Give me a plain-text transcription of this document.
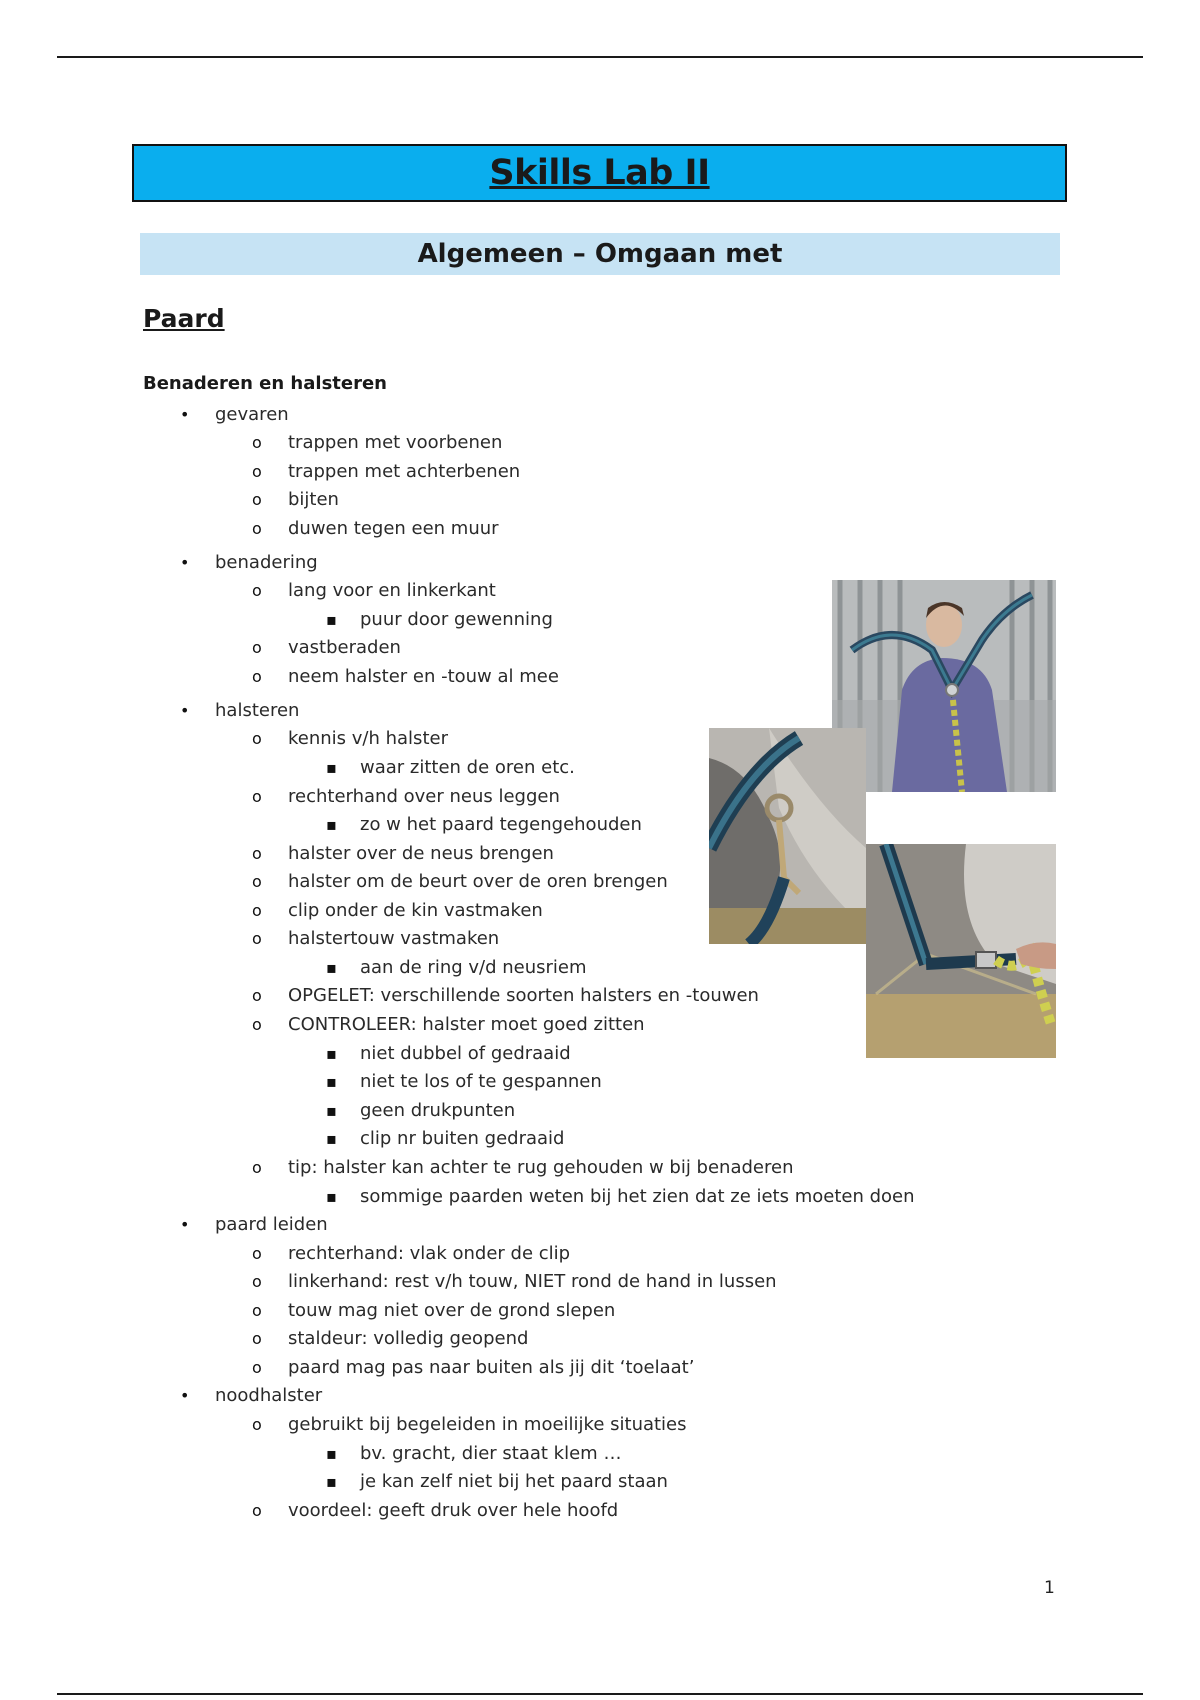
Skills Lab II
Algemeen – Omgaan met
Paard
Benaderen en halsteren
• gevaren
o trappen met voorbenen
o trappen met achterbenen
o bijten
o duwen tegen een muur
• benadering
o lang voor en linkerkant
▪ puur door gewenning
o vastberaden
o neem halster en -touw al mee
• halsteren
o kennis v/h halster
▪ waar zitten de oren etc.
o rechterhand over neus leggen
▪ zo w het paard tegengehouden
o halster over de neus brengen
o halster om de beurt over de oren brengen
o clip onder de kin vastmaken
o halstertouw vastmaken
▪ aan de ring v/d neusriem
o OPGELET: verschillende soorten halsters en -touwen
o CONTROLEER: halster moet goed zitten
▪ niet dubbel of gedraaid
▪ niet te los of te gespannen
▪ geen drukpunten
▪ clip nr buiten gedraaid
o tip: halster kan achter te rug gehouden w bij benaderen
▪ sommige paarden weten bij het zien dat ze iets moeten doen
• paard leiden
o rechterhand: vlak onder de clip
o linkerhand: rest v/h touw, NIET rond de hand in lussen
o touw mag niet over de grond slepen
o staldeur: volledig geopend
o paard mag pas naar buiten als jij dit ‘toelaat’
• noodhalster
o gebruikt bij begeleiden in moeilijke situaties
▪ bv. gracht, dier staat klem …
▪ je kan zelf niet bij het paard staan
o voordeel: geeft druk over hele hoofd
1
